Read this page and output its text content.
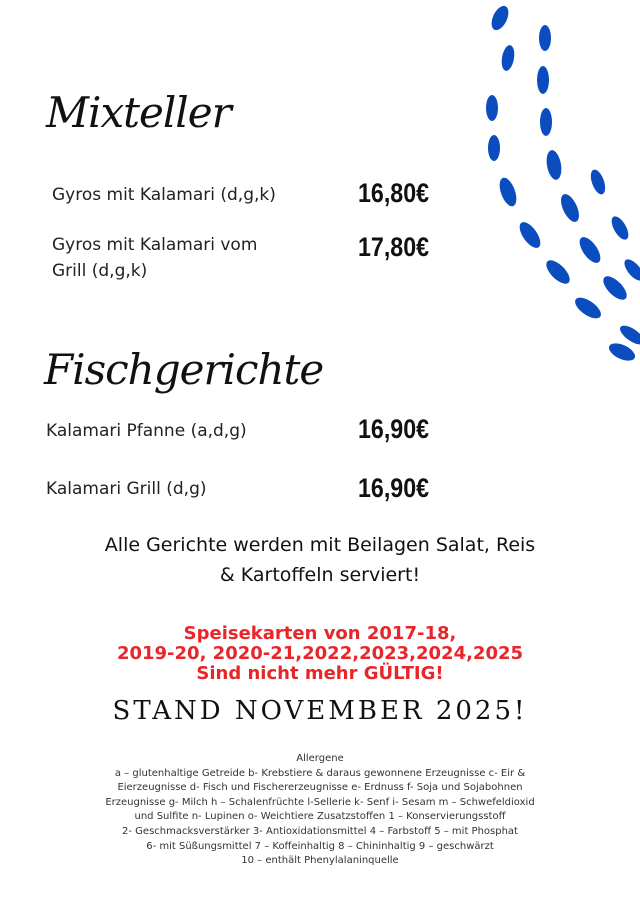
Mixteller
Gyros mit Kalamari (d,g,k)	16,80€
Gyros mit Kalamari vom
Grill (d,g,k)
17,80€
Fischgerichte
Kalamari Pfanne (a,d,g)	16,90€
Kalamari Grill (d,g)	16,90€
Alle Gerichte werden mit Beilagen Salat, Reis
& Kartoffeln serviert!
Speisekarten von 2017-18,
2019-20, 2020-21,2022,2023,2024,2025
Sind nicht mehr GÜLTIG!
STAND NOVEMBER 2025!
Allergene
a – glutenhaltige Getreide b- Krebstiere & daraus gewonnene Erzeugnisse c- Eir &
Eierzeugnisse d- Fisch und Fischererzeugnisse e- Erdnuss f- Soja und Sojabohnen
Erzeugnisse g- Milch h – Schalenfrüchte l-Sellerie k- Senf i- Sesam m – Schwefeldioxid
und Sulfite n- Lupinen o- Weichtiere Zusatzstoffen 1 – Konservierungsstoff
2- Geschmacksverstärker 3- Antioxidationsmittel 4 – Farbstoff 5 – mit Phosphat
6- mit Süßungsmittel 7 – Koffeinhaltig 8 – Chininhaltig 9 – geschwärzt
10 – enthält Phenylalaninquelle
